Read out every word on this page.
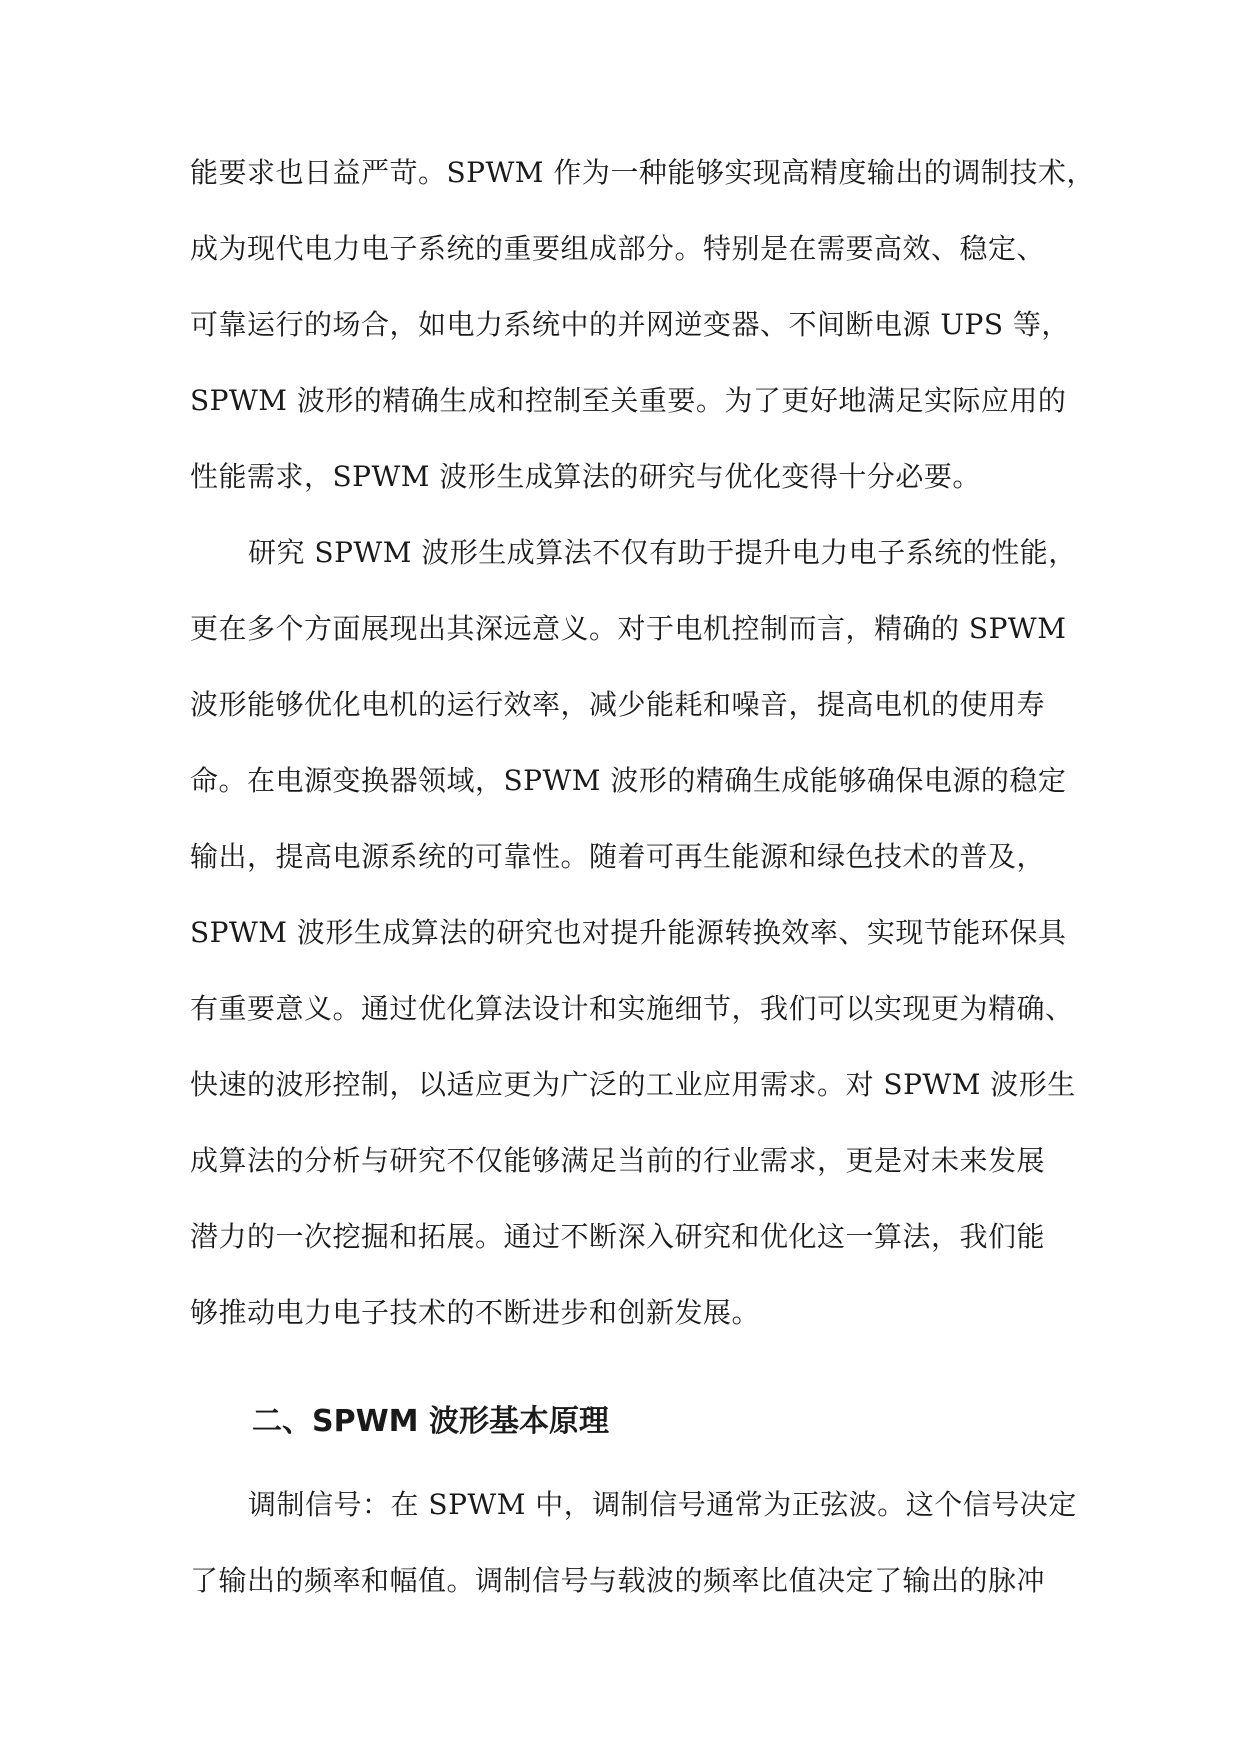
能要求也日益严苛。SPWM 作为一种能够实现高精度输出的调制技术，
成为现代电力电子系统的重要组成部分。特别是在需要高效、稳定、
可靠运行的场合，如电力系统中的并网逆变器、不间断电源 UPS 等，
SPWM 波形的精确生成和控制至关重要。为了更好地满足实际应用的
性能需求，SPWM 波形生成算法的研究与优化变得十分必要。
研究 SPWM 波形生成算法不仅有助于提升电力电子系统的性能，
更在多个方面展现出其深远意义。对于电机控制而言，精确的 SPWM
波形能够优化电机的运行效率，减少能耗和噪音，提高电机的使用寿
命。在电源变换器领域，SPWM 波形的精确生成能够确保电源的稳定
输出，提高电源系统的可靠性。随着可再生能源和绿色技术的普及，
SPWM 波形生成算法的研究也对提升能源转换效率、实现节能环保具
有重要意义。通过优化算法设计和实施细节，我们可以实现更为精确、
快速的波形控制，以适应更为广泛的工业应用需求。对 SPWM 波形生
成算法的分析与研究不仅能够满足当前的行业需求，更是对未来发展
潜力的一次挖掘和拓展。通过不断深入研究和优化这一算法，我们能
够推动电力电子技术的不断进步和创新发展。
二、SPWM 波形基本原理
调制信号：在 SPWM 中，调制信号通常为正弦波。这个信号决定
了输出的频率和幅值。调制信号与载波的频率比值决定了输出的脉冲
